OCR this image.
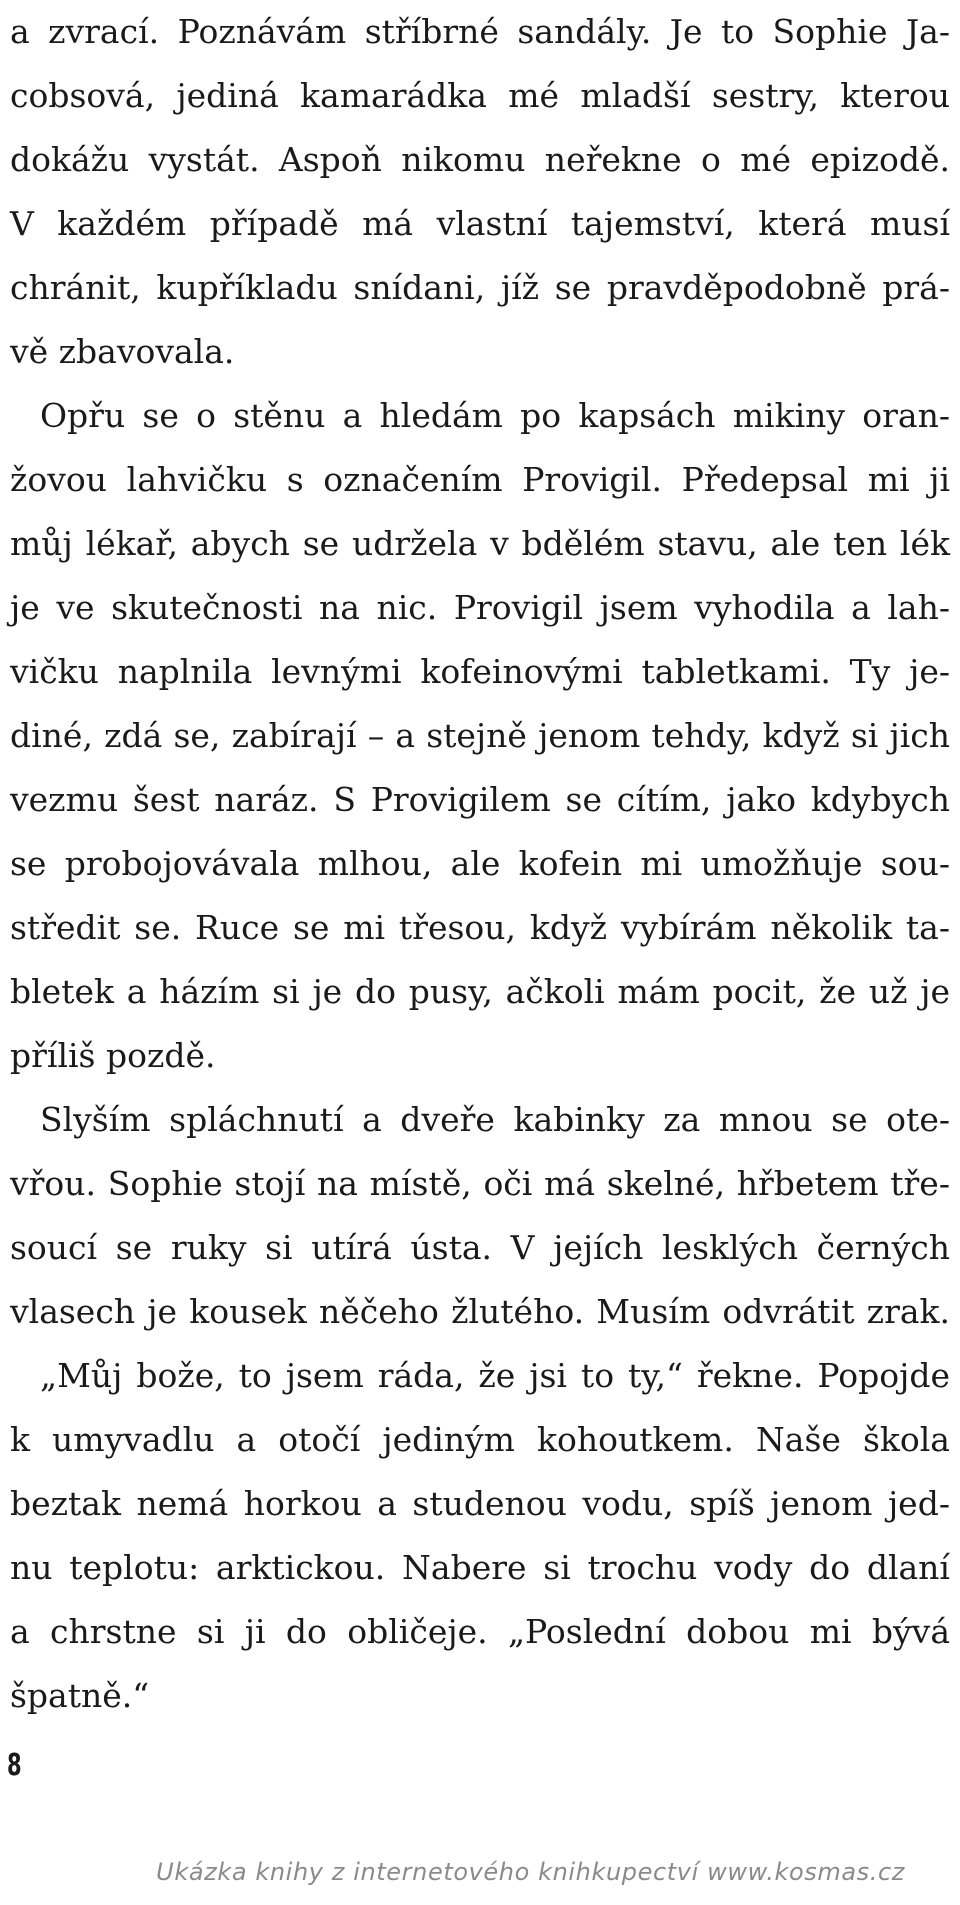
a zvrací. Poznávám stříbrné sandály. Je to Sophie Ja-
cobsová, jediná kamarádka mé mladší sestry, kterou
dokážu vystát. Aspoň nikomu neřekne o mé epizodě.
V každém případě má vlastní tajemství, která musí
chránit, kupříkladu snídani, jíž se pravděpodobně prá-
vě zbavovala.
Opřu se o stěnu a hledám po kapsách mikiny oran-
žovou lahvičku s označením Provigil. Předepsal mi ji
můj lékař, abych se udržela v bdělém stavu, ale ten lék
je ve skutečnosti na nic. Provigil jsem vyhodila a lah-
vičku naplnila levnými kofeinovými tabletkami. Ty je-
diné, zdá se, zabírají – a stejně jenom tehdy, když si jich
vezmu šest naráz. S Provigilem se cítím, jako kdybych
se probojovávala mlhou, ale kofein mi umožňuje sou-
středit se. Ruce se mi třesou, když vybírám několik ta-
bletek a házím si je do pusy, ačkoli mám pocit, že už je
příliš pozdě.
Slyším spláchnutí a dveře kabinky za mnou se ote-
vřou. Sophie stojí na místě, oči má skelné, hřbetem tře-
soucí se ruky si utírá ústa. V jejích lesklých černých
vlasech je kousek něčeho žlutého. Musím odvrátit zrak.
„Můj bože, to jsem ráda, že jsi to ty,“ řekne. Popojde
k umyvadlu a otočí jediným kohoutkem. Naše škola
beztak nemá horkou a studenou vodu, spíš jenom jed-
nu teplotu: arktickou. Nabere si trochu vody do dlaní
a chrstne si ji do obličeje. „Poslední dobou mi bývá
špatně.“
8
Ukázka knihy z internetového knihkupectví www.kosmas.cz
